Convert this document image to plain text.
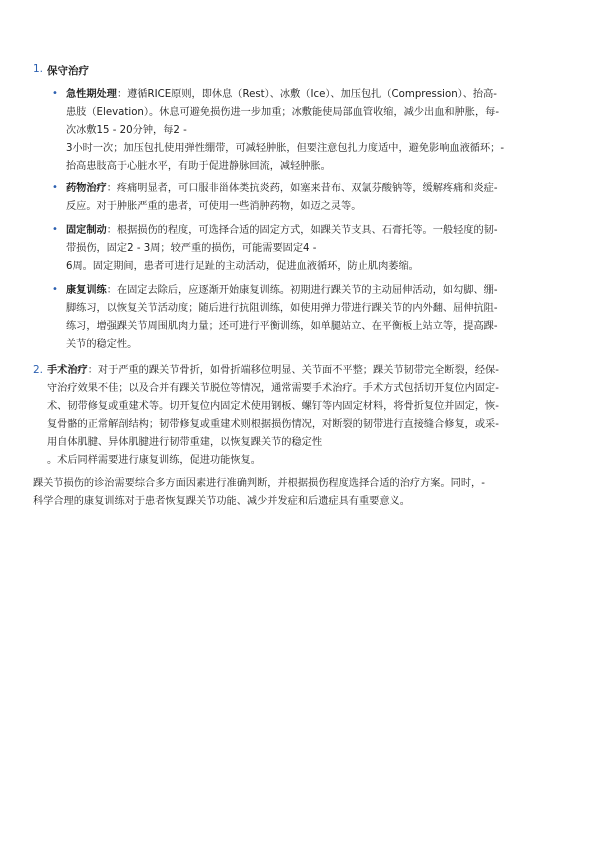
1. 保守治疗
• 急性期处理：遵循RICE原则，即休息（Rest）、冰敷（Ice）、加压包扎（Compression）、抬高-
患肢（Elevation）。休息可避免损伤进一步加重；冰敷能使局部血管收缩，减少出血和肿胀，每-
次冰敷15 - 20分钟，每2 -
3小时一次；加压包扎使用弹性绷带，可减轻肿胀，但要注意包扎力度适中，避免影响血液循环；-
抬高患肢高于心脏水平，有助于促进静脉回流，减轻肿胀。
• 药物治疗：疼痛明显者，可口服非甾体类抗炎药，如塞来昔布、双氯芬酸钠等，缓解疼痛和炎症-
反应。对于肿胀严重的患者，可使用一些消肿药物，如迈之灵等。
• 固定制动：根据损伤的程度，可选择合适的固定方式，如踝关节支具、石膏托等。一般轻度的韧-
带损伤，固定2 - 3周；较严重的损伤，可能需要固定4 -
6周。固定期间，患者可进行足趾的主动活动，促进血液循环，防止肌肉萎缩。
• 康复训练：在固定去除后，应逐渐开始康复训练。初期进行踝关节的主动屈伸活动，如勾脚、绷-
脚练习，以恢复关节活动度；随后进行抗阻训练，如使用弹力带进行踝关节的内外翻、屈伸抗阻-
练习，增强踝关节周围肌肉力量；还可进行平衡训练，如单腿站立、在平衡板上站立等，提高踝-
关节的稳定性。
2. 手术治疗：对于严重的踝关节骨折，如骨折端移位明显、关节面不平整；踝关节韧带完全断裂，经保-
守治疗效果不佳；以及合并有踝关节脱位等情况，通常需要手术治疗。手术方式包括切开复位内固定-
术、韧带修复或重建术等。切开复位内固定术使用钢板、螺钉等内固定材料，将骨折复位并固定，恢-
复骨骼的正常解剖结构；韧带修复或重建术则根据损伤情况，对断裂的韧带进行直接缝合修复，或采-
用自体肌腱、异体肌腱进行韧带重建，以恢复踝关节的稳定性
。术后同样需要进行康复训练，促进功能恢复。
踝关节损伤的诊治需要综合多方面因素进行准确判断，并根据损伤程度选择合适的治疗方案。同时，-
科学合理的康复训练对于患者恢复踝关节功能、减少并发症和后遗症具有重要意义。
